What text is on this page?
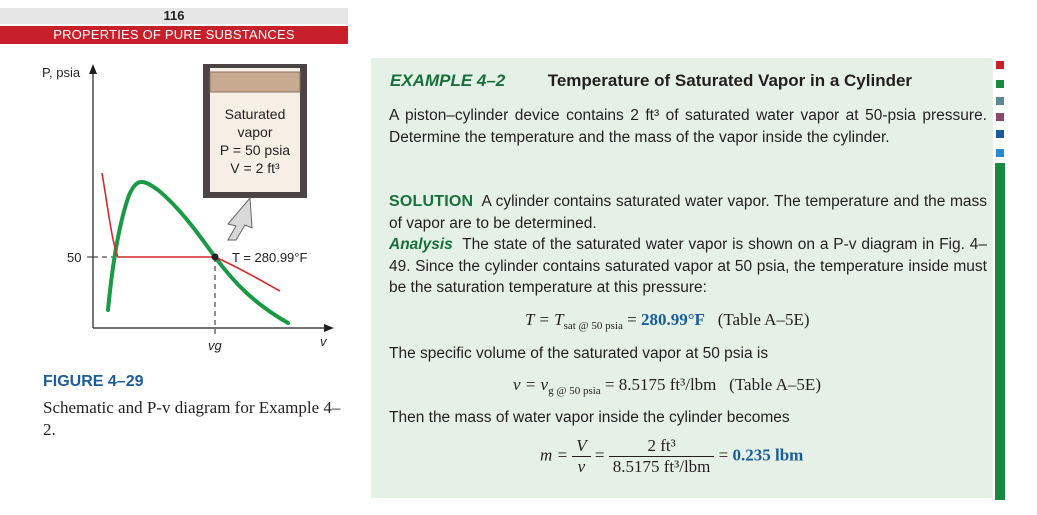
116
PROPERTIES OF PURE SUBSTANCES
P, psia
v
50
vg
T = 280.99°F
Saturated
vapor
P = 50 psia
V = 2 ft³
FIGURE 4–29
Schematic and P-v diagram for Example 4–2.
EXAMPLE 4–2 Temperature of Saturated Vapor in a Cylinder
A piston–cylinder device contains 2 ft³ of saturated water vapor at 50-psia pressure. Determine the temperature and the mass of the vapor inside the cylinder.
SOLUTION A cylinder contains saturated water vapor. The temperature and the mass of vapor are to be determined.
Analysis The state of the saturated water vapor is shown on a P-v diagram in Fig. 4–49. Since the cylinder contains saturated vapor at 50 psia, the temperature inside must be the saturation temperature at this pressure:
$T = T_{sat @ 50 psia} = 280.99^\circ F$ (Table A–5E)
The specific volume of the saturated vapor at 50 psia is
$v = v_{g @ 50 psia} = 8.5175$ ft³/lbm (Table A–5E)
Then the mass of water vapor inside the cylinder becomes
$m = \frac{V}{v} = \frac{\text{2 ft³}}{\text{8.5175 ft³/lbm}} = 0.235$ lbm
